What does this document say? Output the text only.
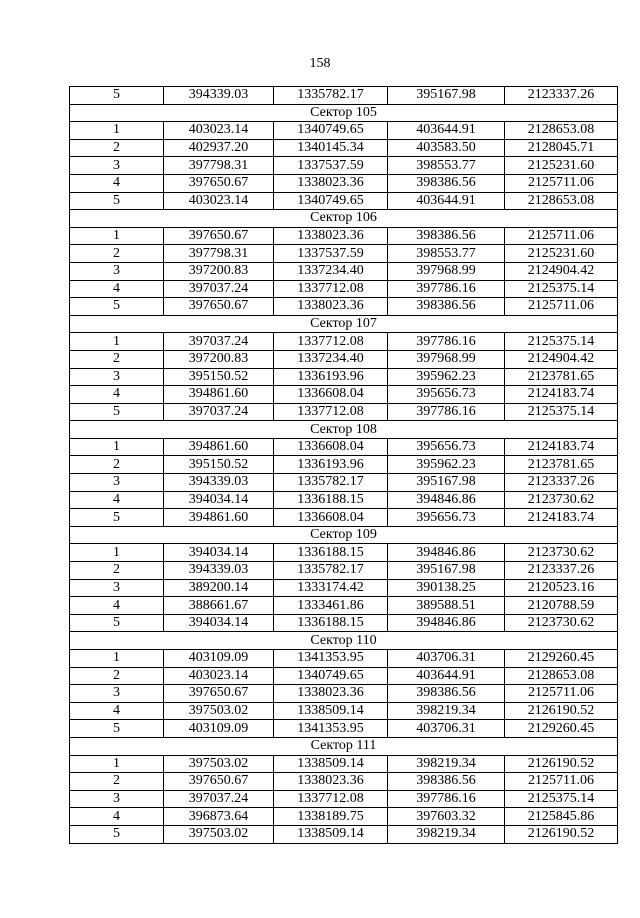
158
5	394339.03	1335782.17	395167.98	2123337.26
Сектор 105				
1	403023.14	1340749.65	403644.91	2128653.08
2	402937.20	1340145.34	403583.50	2128045.71
3	397798.31	1337537.59	398553.77	2125231.60
4	397650.67	1338023.36	398386.56	2125711.06
5	403023.14	1340749.65	403644.91	2128653.08
Сектор 106				
1	397650.67	1338023.36	398386.56	2125711.06
2	397798.31	1337537.59	398553.77	2125231.60
3	397200.83	1337234.40	397968.99	2124904.42
4	397037.24	1337712.08	397786.16	2125375.14
5	397650.67	1338023.36	398386.56	2125711.06
Сектор 107				
1	397037.24	1337712.08	397786.16	2125375.14
2	397200.83	1337234.40	397968.99	2124904.42
3	395150.52	1336193.96	395962.23	2123781.65
4	394861.60	1336608.04	395656.73	2124183.74
5	397037.24	1337712.08	397786.16	2125375.14
Сектор 108				
1	394861.60	1336608.04	395656.73	2124183.74
2	395150.52	1336193.96	395962.23	2123781.65
3	394339.03	1335782.17	395167.98	2123337.26
4	394034.14	1336188.15	394846.86	2123730.62
5	394861.60	1336608.04	395656.73	2124183.74
Сектор 109				
1	394034.14	1336188.15	394846.86	2123730.62
2	394339.03	1335782.17	395167.98	2123337.26
3	389200.14	1333174.42	390138.25	2120523.16
4	388661.67	1333461.86	389588.51	2120788.59
5	394034.14	1336188.15	394846.86	2123730.62
Сектор 110				
1	403109.09	1341353.95	403706.31	2129260.45
2	403023.14	1340749.65	403644.91	2128653.08
3	397650.67	1338023.36	398386.56	2125711.06
4	397503.02	1338509.14	398219.34	2126190.52
5	403109.09	1341353.95	403706.31	2129260.45
Сектор 111				
1	397503.02	1338509.14	398219.34	2126190.52
2	397650.67	1338023.36	398386.56	2125711.06
3	397037.24	1337712.08	397786.16	2125375.14
4	396873.64	1338189.75	397603.32	2125845.86
5	397503.02	1338509.14	398219.34	2126190.52
